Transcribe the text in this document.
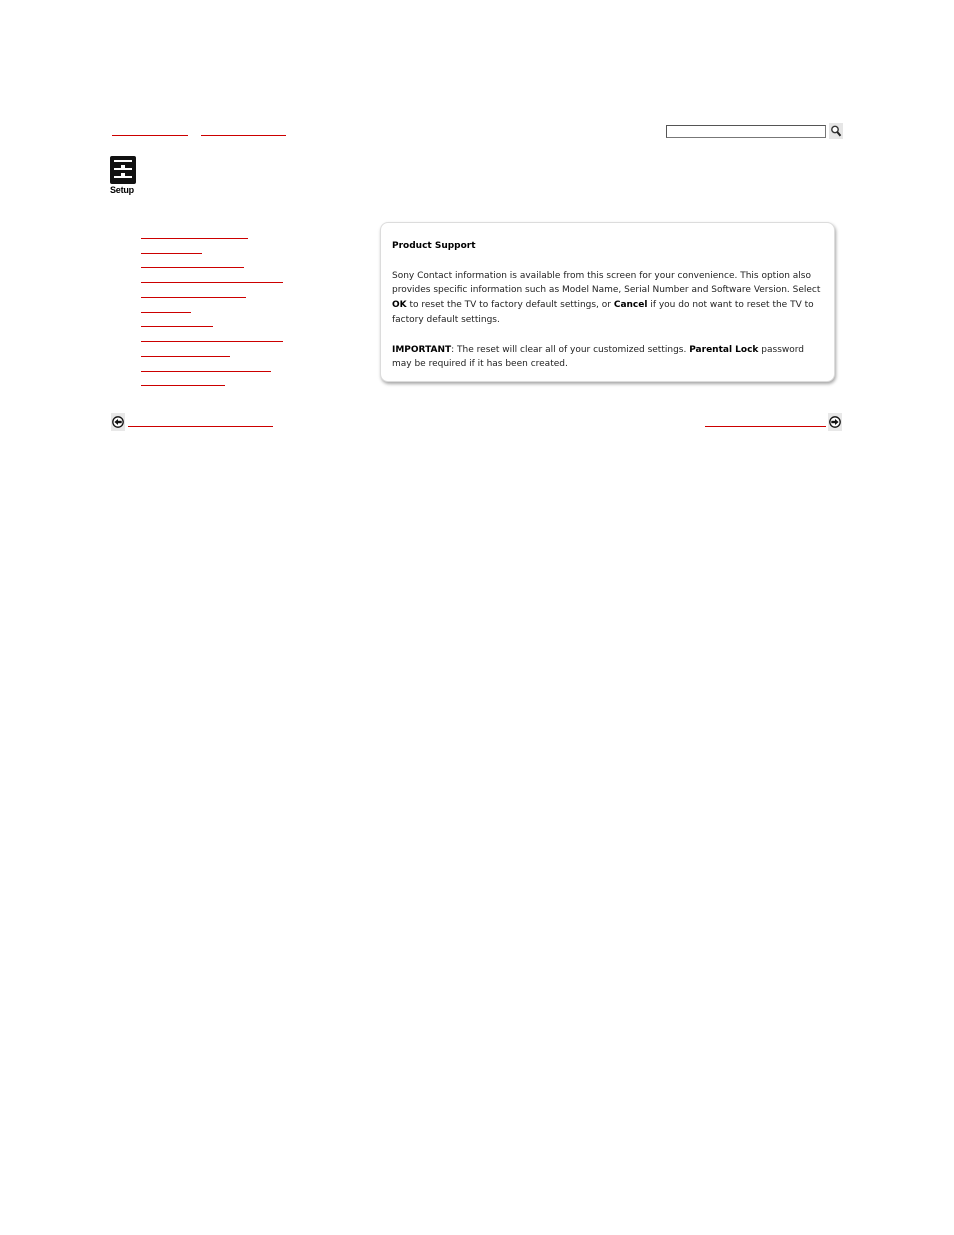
Setup

Product Support

Sony Contact information is available from this screen for your convenience. This option also provides specific information such as Model Name, Serial Number and Software Version. Select OK to reset the TV to factory default settings, or Cancel if you do not want to reset the TV to factory default settings.

IMPORTANT: The reset will clear all of your customized settings. Parental Lock password may be required if it has been created.
